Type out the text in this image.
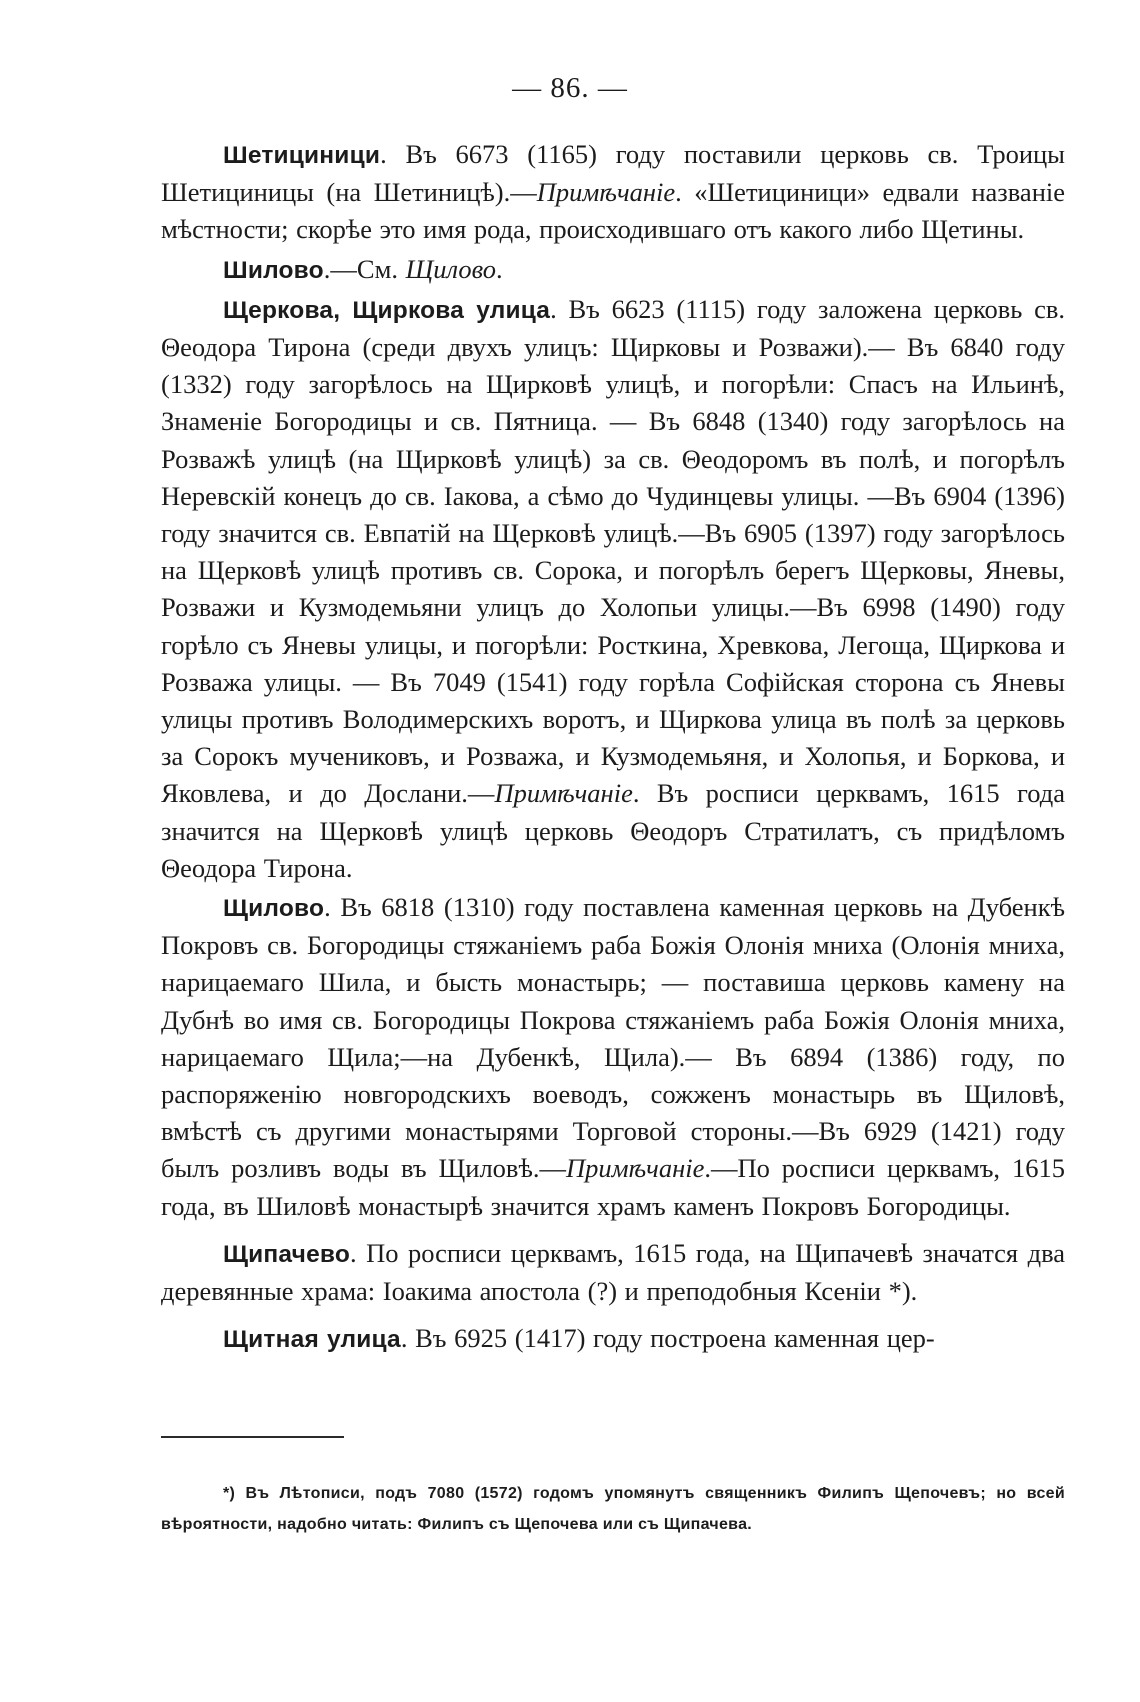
— 86. —

Шетициници. Въ 6673 (1165) году поставили церковь св. Троицы Шетициницы (на Шетиницѣ).—Примѣчаніе. «Шетициници» едвали названіе мѣстности; скорѣе это имя рода, происходившаго отъ какого либо Щетины.

Шилово.—См. Щилово.

Щеркова, Щиркова улица. Въ 6623 (1115) году заложена церковь св. Θеодора Тирона (среди двухъ улицъ: Щирковы и Розважи).— Въ 6840 году (1332) году загорѣлось на Щирковѣ улицѣ, и погорѣли: Спасъ на Ильинѣ, Знаменіе Богородицы и св. Пятница. — Въ 6848 (1340) году загорѣлось на Розважѣ улицѣ (на Щирковѣ улицѣ) за св. Θеодоромъ въ полѣ, и погорѣлъ Неревскій конецъ до св. Іакова, а сѣмо до Чудинцевы улицы. —Въ 6904 (1396) году значится св. Евпатій на Щерковѣ улицѣ.—Въ 6905 (1397) году загорѣлось на Щерковѣ улицѣ противъ св. Сорока, и погорѣлъ берегъ Щерковы, Яневы, Розважи и Кузмодемьяни улицъ до Холопьи улицы.—Въ 6998 (1490) году горѣло съ Яневы улицы, и погорѣли: Росткина, Хревкова, Легоща, Щиркова и Розважа улицы. — Въ 7049 (1541) году горѣла Софійская сторона съ Яневы улицы противъ Володимерскихъ воротъ, и Щиркова улица въ полѣ за церковь за Сорокъ мучениковъ, и Розважа, и Кузмодемьяня, и Холопья, и Боркова, и Яковлева, и до Дослани.—Примѣчаніе. Въ росписи церквамъ, 1615 года значится на Щерковѣ улицѣ церковь Θеодоръ Стратилатъ, съ придѣломъ Θеодора Тирона.

Щилово. Въ 6818 (1310) году поставлена каменная церковь на Дубенкѣ Покровъ св. Богородицы стяжаніемъ раба Божія Олонія мниха (Олонія мниха, нарицаемаго Шила, и бысть монастырь; — поставиша церковь камену на Дубнѣ во имя св. Богородицы Покрова стяжаніемъ раба Божія Олонія мниха, нарицаемаго Щила;—на Дубенкѣ, Щила).— Въ 6894 (1386) году, по распоряженію новгородскихъ воеводъ, сожженъ монастырь въ Щиловѣ, вмѣстѣ съ другими монастырями Торговой стороны.—Въ 6929 (1421) году былъ розливъ воды въ Щиловѣ.—Примѣчаніе.—По росписи церквамъ, 1615 года, въ Шиловѣ монастырѣ значится храмъ каменъ Покровъ Богородицы.

Щипачево. По росписи церквамъ, 1615 года, на Щипачевѣ значатся два деревянные храма: Іоакима апостола (?) и преподобныя Ксеніи *).

Щитная улица. Въ 6925 (1417) году построена каменная цер-

*) Въ Лѣтописи, подъ 7080 (1572) годомъ упомянутъ священникъ Филипъ Щепочевъ; но всей вѣроятности, надобно читать: Филипъ съ Щепочева или съ Щипачева.
